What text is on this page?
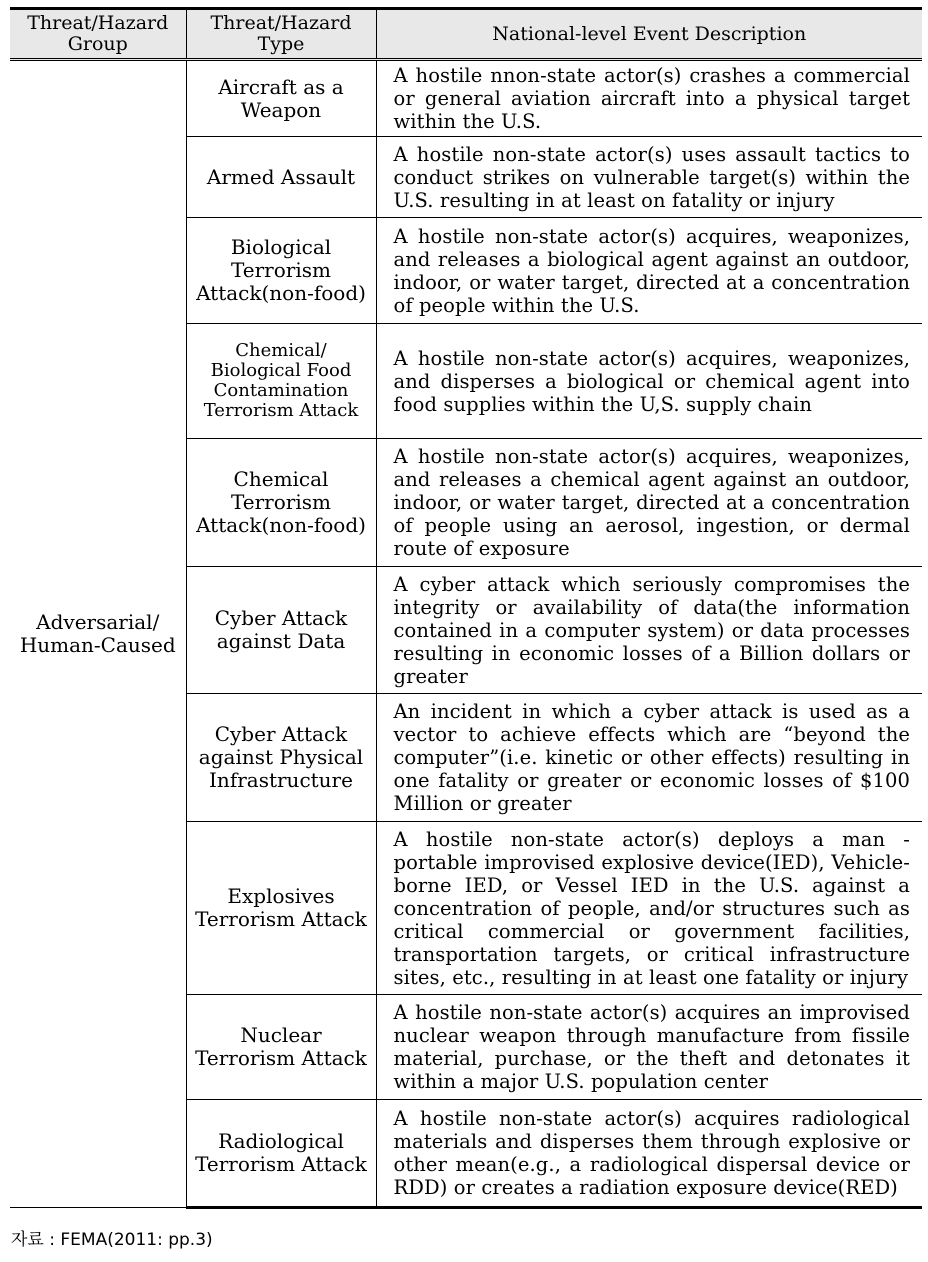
Threat/Hazard Group	Threat/Hazard Type	National-level Event Description
Adversarial/ Human-Caused	Aircraft as a Weapon	A hostile nnon-state actor(s) crashes a commercial or general aviation aircraft into a physical target within the U.S.
	Armed Assault	A hostile non-state actor(s) uses assault tactics to conduct strikes on vulnerable target(s) within the U.S. resulting in at least on fatality or injury
	Biological Terrorism Attack(non-food)	A hostile non-state actor(s) acquires, weaponizes, and releases a biological agent against an outdoor, indoor, or water target, directed at a concentration of people within the U.S.
	Chemical/ Biological Food Contamination Terrorism Attack	A hostile non-state actor(s) acquires, weaponizes, and disperses a biological or chemical agent into food supplies within the U,S. supply chain
	Chemical Terrorism Attack(non-food)	A hostile non-state actor(s) acquires, weaponizes, and releases a chemical agent against an outdoor, indoor, or water target, directed at a concentration of people using an aerosol, ingestion, or dermal route of exposure
	Cyber Attack against Data	A cyber attack which seriously compromises the integrity or availability of data(the information contained in a computer system) or data processes resulting in economic losses of a Billion dollars or greater
	Cyber Attack against Physical Infrastructure	An incident in which a cyber attack is used as a vector to achieve effects which are “beyond the computer”(i.e. kinetic or other effects) resulting in one fatality or greater or economic losses of $100 Million or greater
	Explosives Terrorism Attack	A hostile non-state actor(s) deploys a man -portable improvised explosive device(IED), Vehicle-borne IED, or Vessel IED in the U.S. against a concentration of people, and/or structures such as critical commercial or government facilities, transportation targets, or critical infrastructure sites, etc., resulting in at least one fatality or injury
	Nuclear Terrorism Attack	A hostile non-state actor(s) acquires an improvised nuclear weapon through manufacture from fissile material, purchase, or the theft and detonates it within a major U.S. population center
	Radiological Terrorism Attack	A hostile non-state actor(s) acquires radiological materials and disperses them through explosive or other mean(e.g., a radiological dispersal device or RDD) or creates a radiation exposure device(RED)
자료 : FEMA(2011: pp.3)
